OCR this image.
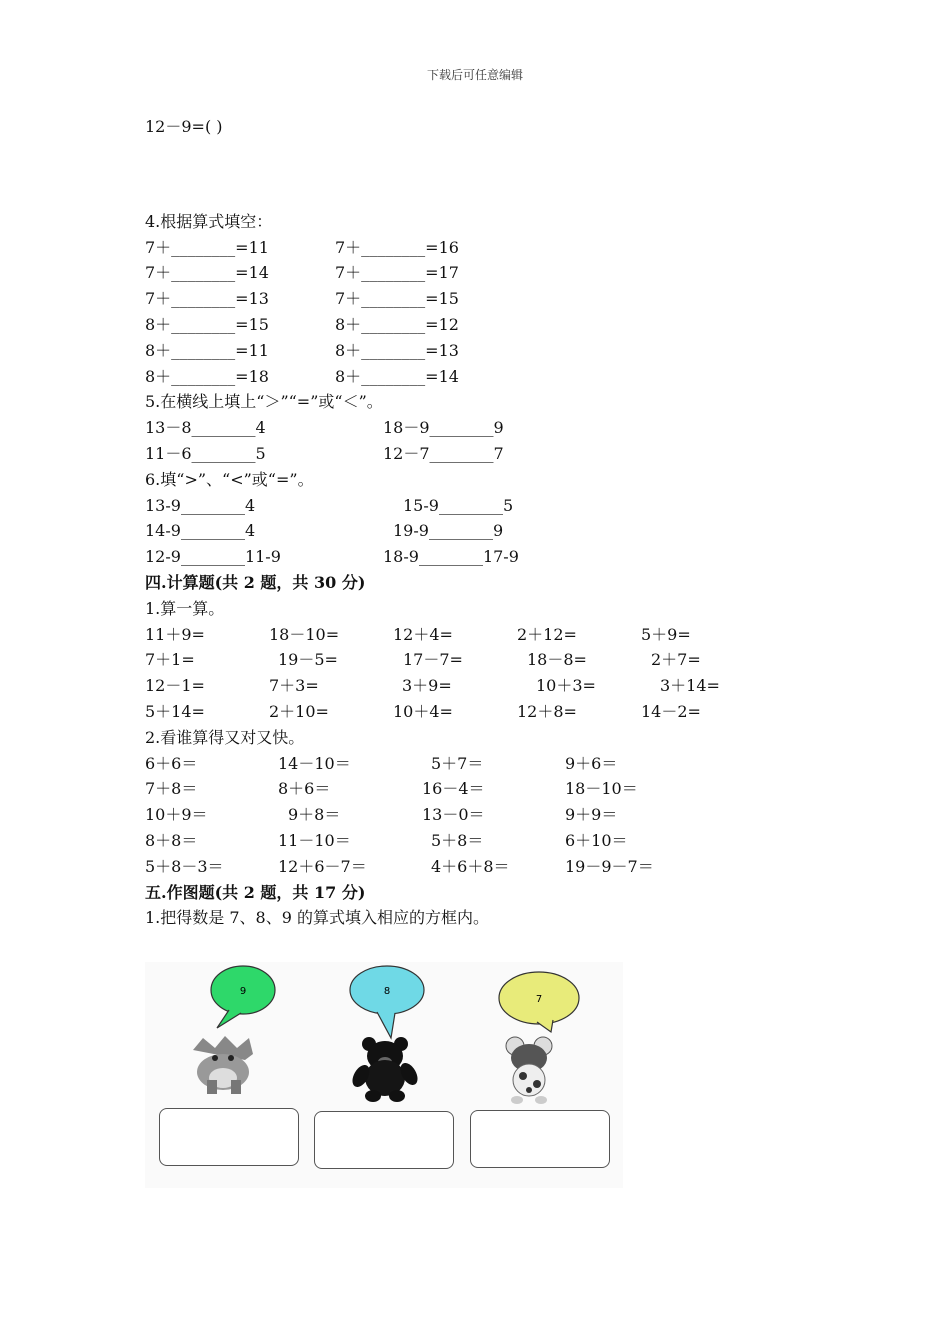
下载后可任意编辑
12－9=( )
4.根据算式填空：
7＋________=11	7＋________=16
7＋________=14	7＋________=17
7＋________=13	7＋________=15
8＋________=15	8＋________=12
8＋________=11	8＋________=13
8＋________=18	8＋________=14
5.在横线上填上“＞”“=”或“＜”。
13－8________4	18－9________9
11－6________5	12－7________7
6.填“>”、“<”或“=”。
13-9________4	15-9________5
14-9________4	19-9________9
12-9________11-9	18-9________17-9
四.计算题(共 2 题，共 30 分)
1.算一算。
11＋9=	18－10=	12＋4=	2＋12=	5＋9=
7＋1=	19－5=	17－7=	18－8=	2＋7=
12－1=	7＋3=	3＋9=	10＋3=	3＋14=
5＋14=	2＋10=	10＋4=	12＋8=	14－2=
2.看谁算得又对又快。
6＋6＝	14－10＝	5＋7＝	9＋6＝
7＋8＝	8＋6＝	16－4＝	18－10＝
10＋9＝	9＋8＝	13－0＝	9＋9＝
8＋8＝	11－10＝	5＋8＝	6＋10＝
5＋8－3＝	12＋6－7＝	4＋6＋8＝	19－9－7＝
五.作图题(共 2 题，共 17 分)
1.把得数是 7、8、9 的算式填入相应的方框内。
9	8
7
